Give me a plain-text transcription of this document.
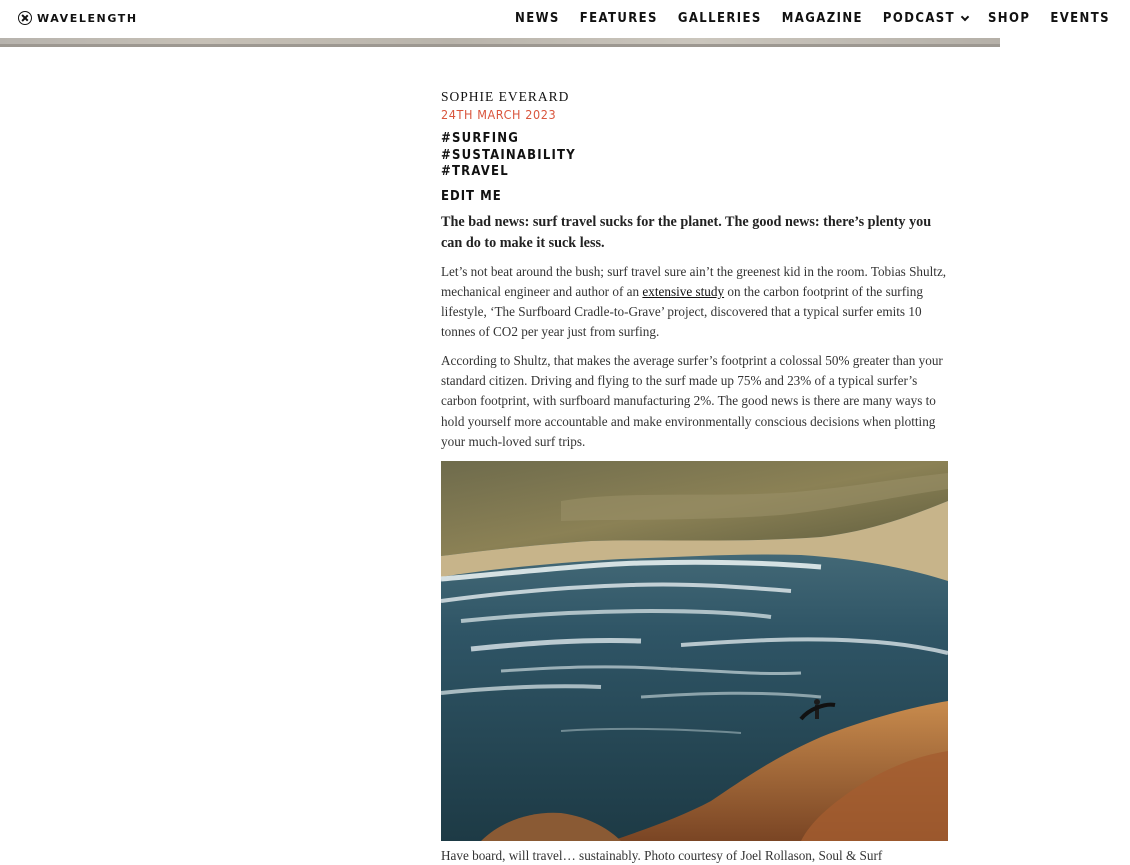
WAVELENGTH	NEWS FEATURES GALLERIES MAGAZINE PODCAST	SHOP EVENTS
SOPHIE EVERARD
24TH MARCH 2023
#SURFING
#SUSTAINABILITY
#TRAVEL
EDIT ME

The bad news: surf travel sucks for the planet. The good news: there’s plenty you can do to make it suck less.

Let’s not beat around the bush; surf travel sure ain’t the greenest kid in the room. Tobias Shultz, mechanical engineer and author of an extensive study on the carbon footprint of the surfing lifestyle, ‘The Surfboard Cradle-to-Grave’ project, discovered that a typical surfer emits 10 tonnes of CO2 per year just from surfing.

According to Shultz, that makes the average surfer’s footprint a colossal 50% greater than your standard citizen. Driving and flying to the surf made up 75% and 23% of a typical surfer’s carbon footprint, with surfboard manufacturing 2%. The good news is there are many ways to hold yourself more accountable and make environmentally conscious decisions when plotting your much-loved surf trips.

Have board, will travel… sustainably. Photo courtesy of Joel Rollason, Soul & Surf
